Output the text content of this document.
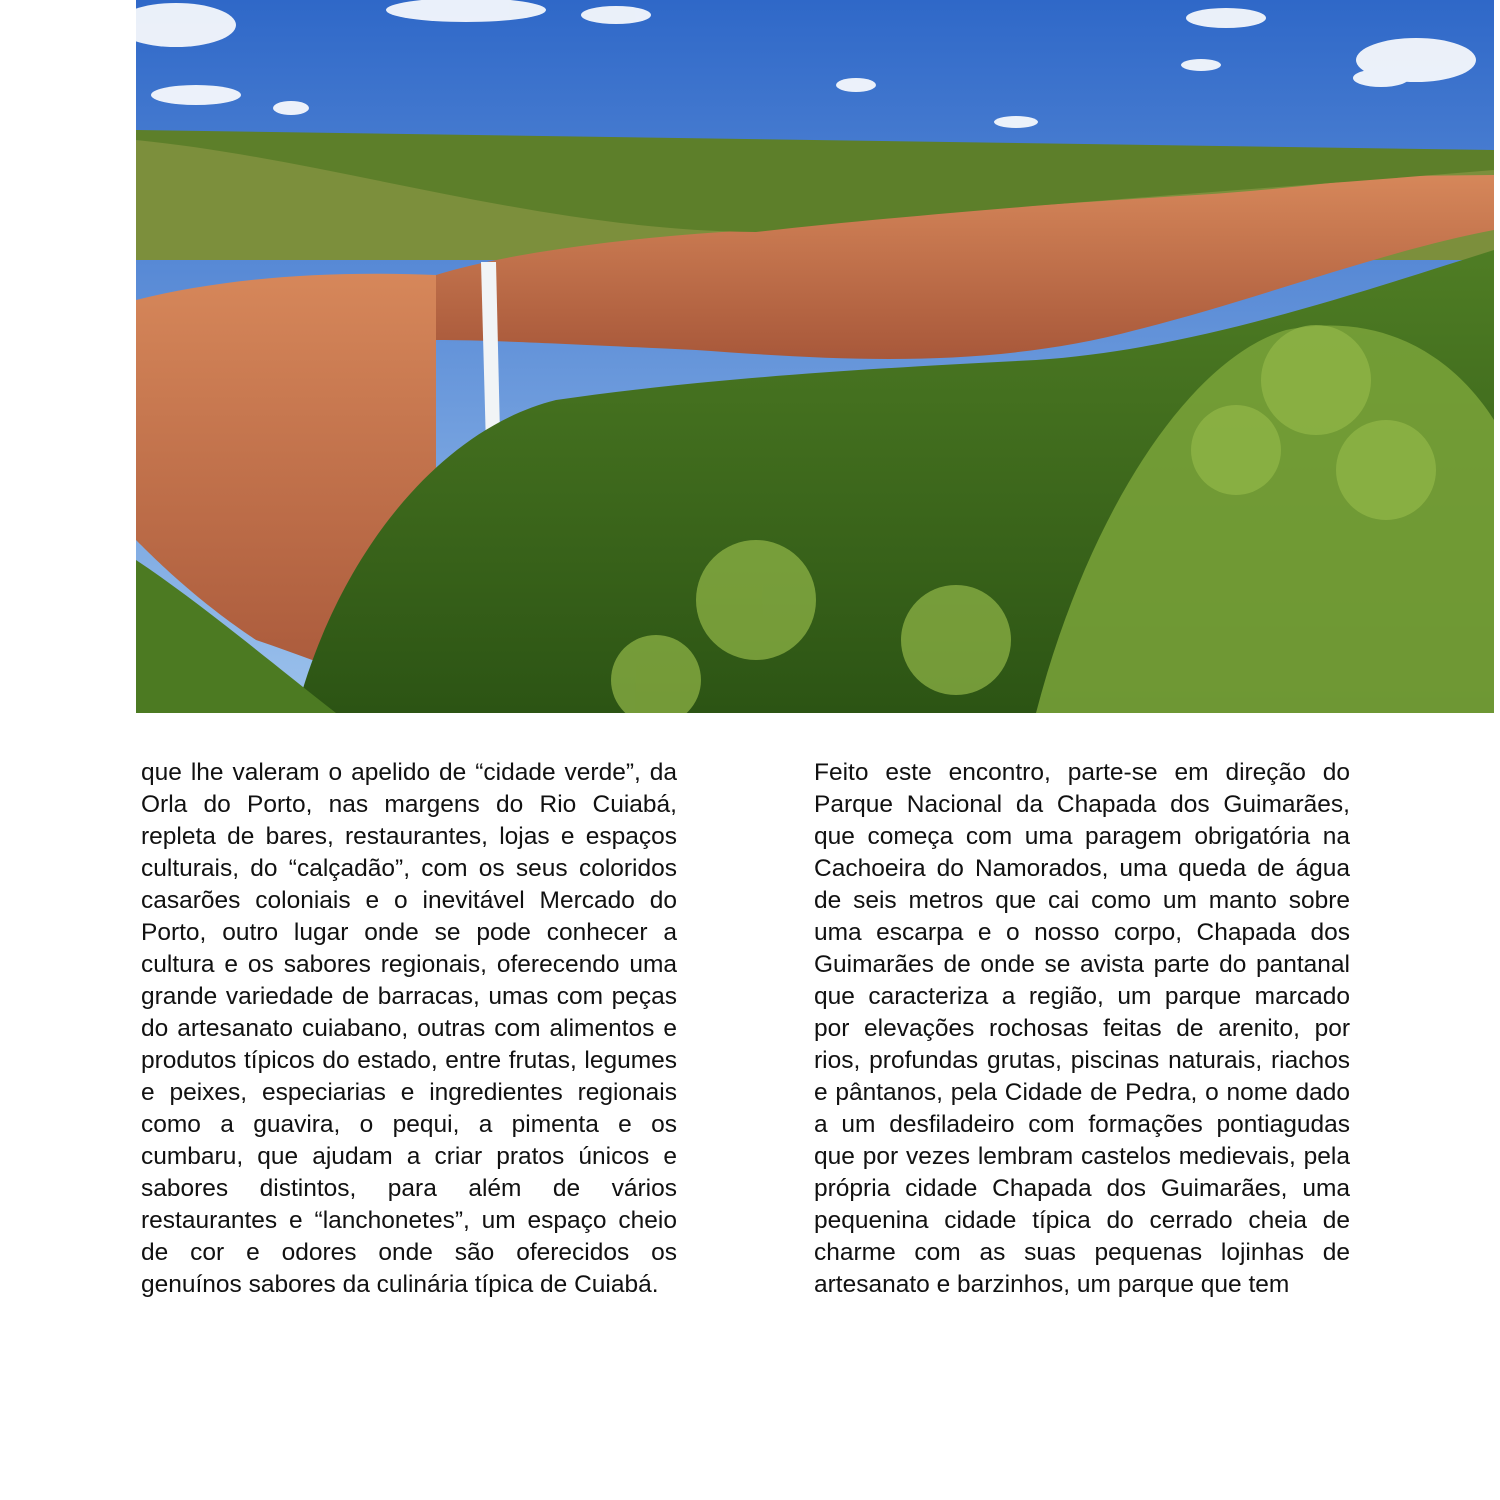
que lhe valeram o apelido de “cidade verde”, da Orla do Porto, nas margens do Rio Cuiabá, repleta de bares, restaurantes, lojas e espaços culturais, do “calçadão”, com os seus coloridos casarões coloniais e o inevitável Mercado do Porto, outro lugar onde se pode conhecer a cultura e os sabores regionais, oferecendo uma grande variedade de barracas, umas com peças do artesanato cuiabano, outras com alimentos e produtos típicos do estado, entre frutas, legumes e peixes, especiarias e ingredientes regionais como a guavira, o pequi, a pimenta e os cumbaru, que ajudam a criar pratos únicos e sabores distintos, para além de vários restaurantes e “lanchonetes”, um espaço cheio de cor e odores onde são oferecidos os genuínos sabores da culinária típica de Cuiabá.

Feito este encontro, parte-se em direção do Parque Nacional da Chapada dos Guimarães, que começa com uma paragem obrigatória na Cachoeira do Namorados, uma queda de água de seis metros que cai como um manto sobre uma escarpa e o nosso corpo, Chapada dos Guimarães de onde se avista parte do pantanal que caracteriza a região, um parque marcado por elevações rochosas feitas de arenito, por rios, profundas grutas, piscinas naturais, riachos e pântanos, pela Cidade de Pedra, o nome dado a um desfiladeiro com formações pontiagudas que por vezes lembram castelos medievais, pela própria cidade Chapada dos Guimarães, uma pequenina cidade típica do cerrado cheia de charme com as suas pequenas lojinhas de artesanato e barzinhos, um parque que tem
